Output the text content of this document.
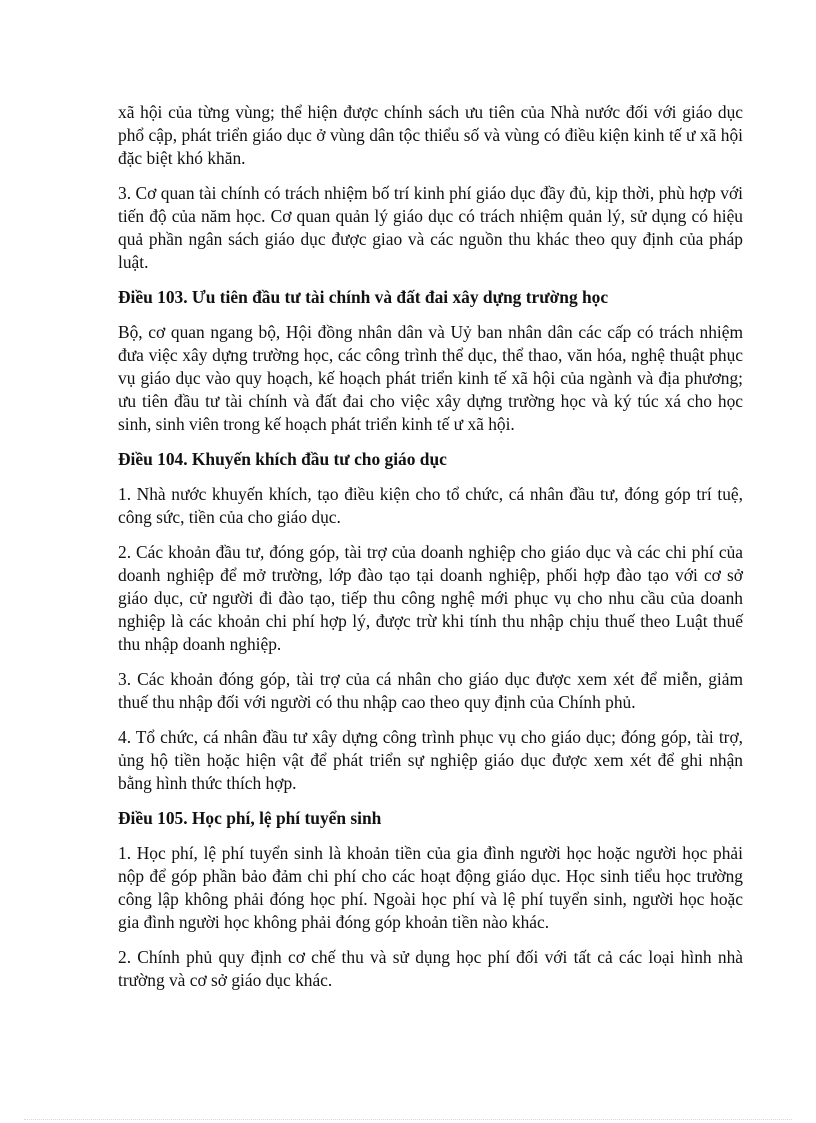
xã hội của từng vùng; thể hiện được chính sách ưu tiên của Nhà nước đối với giáo dục phổ cập, phát triển giáo dục ở vùng dân tộc thiểu số và vùng có điều kiện kinh tế ư xã hội đặc biệt khó khăn.

3. Cơ quan tài chính có trách nhiệm bố trí kinh phí giáo dục đầy đủ, kịp thời, phù hợp với tiến độ của năm học. Cơ quan quản lý giáo dục có trách nhiệm quản lý, sử dụng có hiệu quả phần ngân sách giáo dục được giao và các nguồn thu khác theo quy định của pháp luật.

Điều 103. Ưu tiên đầu tư tài chính và đất đai xây dựng trường học

Bộ, cơ quan ngang bộ, Hội đồng nhân dân và Uỷ ban nhân dân các cấp có trách nhiệm đưa việc xây dựng trường học, các công trình thể dục, thể thao, văn hóa, nghệ thuật phục vụ giáo dục vào quy hoạch, kế hoạch phát triển kinh tế xã hội của ngành và địa phương; ưu tiên đầu tư tài chính và đất đai cho việc xây dựng trường học và ký túc xá cho học sinh, sinh viên trong kế hoạch phát triển kinh tế ư xã hội.

Điều 104. Khuyến khích đầu tư cho giáo dục

1. Nhà nước khuyến khích, tạo điều kiện cho tổ chức, cá nhân đầu tư, đóng góp trí tuệ, công sức, tiền của cho giáo dục.

2. Các khoản đầu tư, đóng góp, tài trợ của doanh nghiệp cho giáo dục và các chi phí của doanh nghiệp để mở trường, lớp đào tạo tại doanh nghiệp, phối hợp đào tạo với cơ sở giáo dục, cử người đi đào tạo, tiếp thu công nghệ mới phục vụ cho nhu cầu của doanh nghiệp là các khoản chi phí hợp lý, được trừ khi tính thu nhập chịu thuế theo Luật thuế thu nhập doanh nghiệp.

3. Các khoản đóng góp, tài trợ của cá nhân cho giáo dục được xem xét để miễn, giảm thuế thu nhập đối với người có thu nhập cao theo quy định của Chính phủ.

4. Tổ chức, cá nhân đầu tư xây dựng công trình phục vụ cho giáo dục; đóng góp, tài trợ, ủng hộ tiền hoặc hiện vật để phát triển sự nghiệp giáo dục được xem xét để ghi nhận bằng hình thức thích hợp.

Điều 105. Học phí, lệ phí tuyển sinh

1. Học phí, lệ phí tuyển sinh là khoản tiền của gia đình người học hoặc người học phải nộp để góp phần bảo đảm chi phí cho các hoạt động giáo dục. Học sinh tiểu học trường công lập không phải đóng học phí. Ngoài học phí và lệ phí tuyển sinh, người học hoặc gia đình người học không phải đóng góp khoản tiền nào khác.

2. Chính phủ quy định cơ chế thu và sử dụng học phí đối với tất cả các loại hình nhà trường và cơ sở giáo dục khác.
